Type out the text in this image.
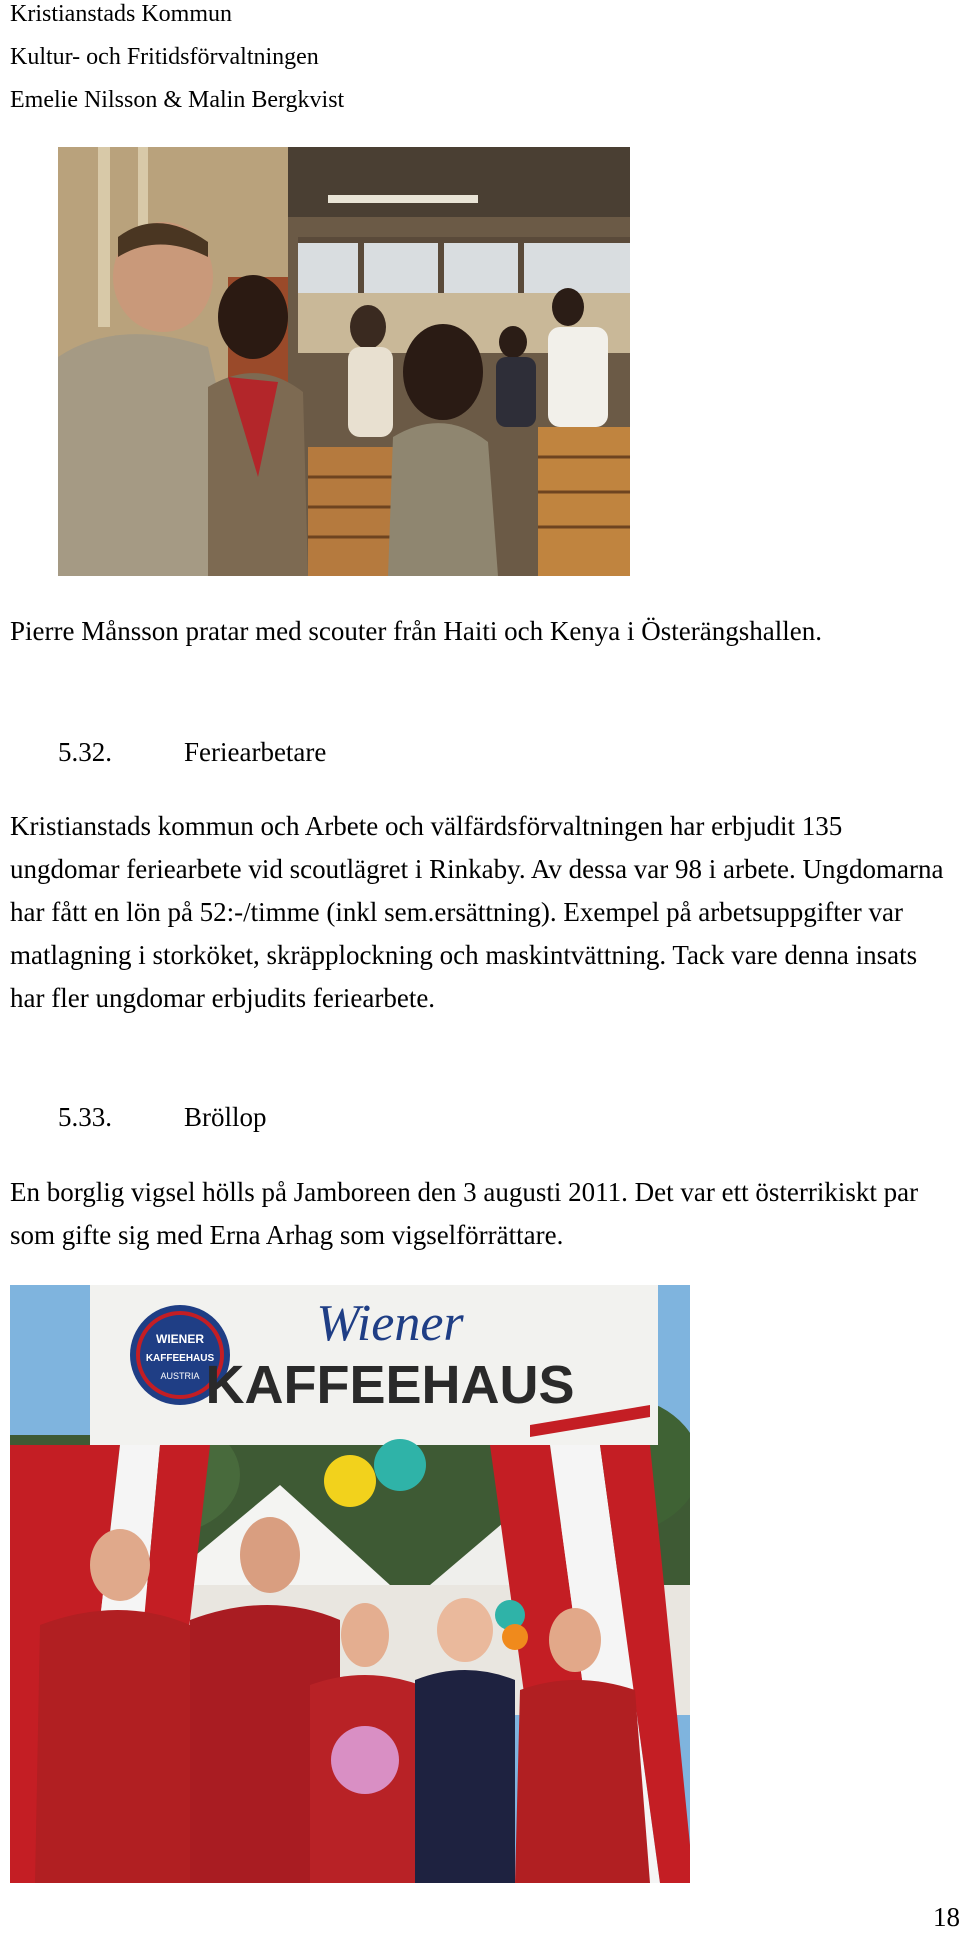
Kristianstads Kommun
Kultur- och Fritidsförvaltningen
Emelie Nilsson & Malin Bergkvist
Pierre Månsson pratar med scouter från Haiti och Kenya i Österängshallen.
5.32.	Feriearbetare
Kristianstads kommun och Arbete och välfärdsförvaltningen har erbjudit 135 ungdomar feriearbete vid scoutlägret i Rinkaby. Av dessa var 98 i arbete. Ungdomarna har fått en lön på 52:-/timme (inkl sem.ersättning). Exempel på arbetsuppgifter var matlagning i storköket, skräpplockning och maskintvättning. Tack vare denna insats har fler ungdomar erbjudits feriearbete.
5.33.	Bröllop
En borglig vigsel hölls på Jamboreen den 3 augusti 2011. Det var ett österrikiskt par som gifte sig med Erna Arhag som vigselförrättare.
WIENER
KAFFEEHAUS
AUSTRIA
Wiener
KAFFEEHAUS
18
